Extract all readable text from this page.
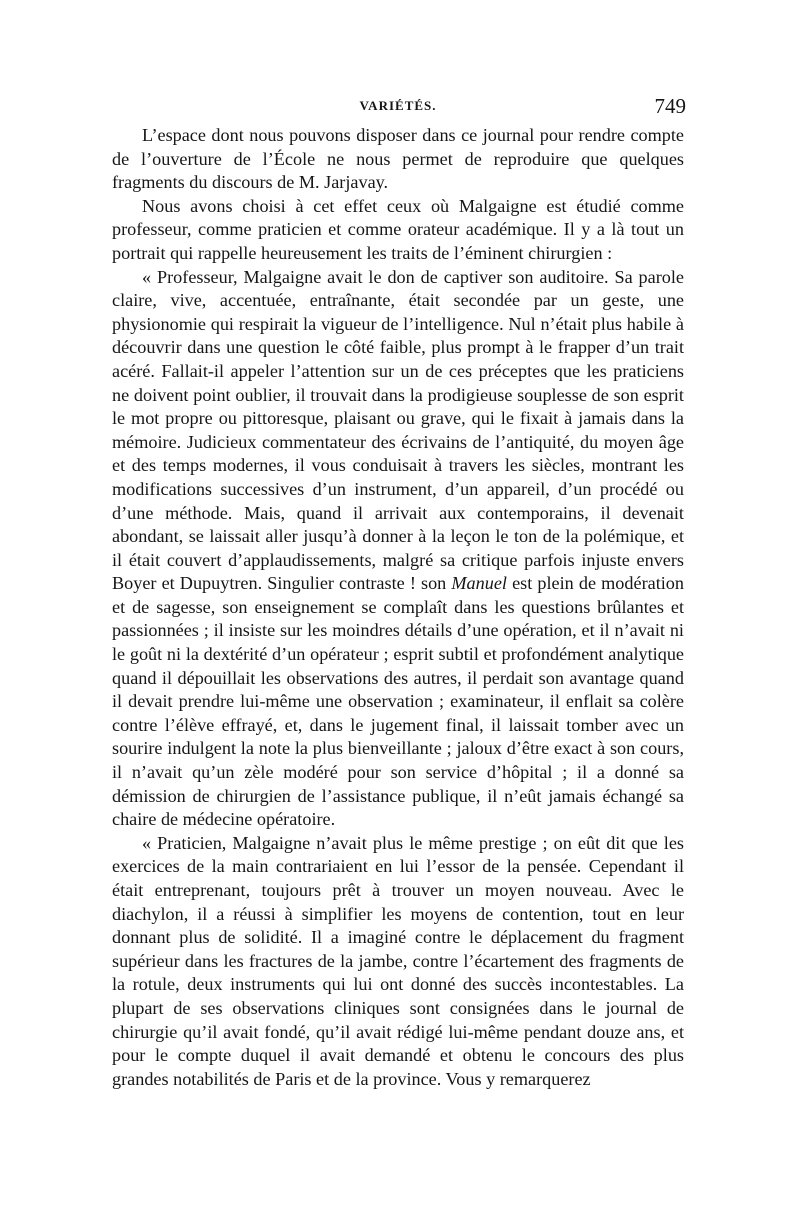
VARIÉTÉS.	749

L’espace dont nous pouvons disposer dans ce journal pour rendre compte de l’ouverture de l’École ne nous permet de reproduire que quelques fragments du discours de M. Jarjavay.

Nous avons choisi à cet effet ceux où Malgaigne est étudié comme professeur, comme praticien et comme orateur académique. Il y a là tout un portrait qui rappelle heureusement les traits de l’éminent chirurgien :

« Professeur, Malgaigne avait le don de captiver son auditoire. Sa parole claire, vive, accentuée, entraînante, était secondée par un geste, une physionomie qui respirait la vigueur de l’intelligence. Nul n’était plus habile à découvrir dans une question le côté faible, plus prompt à le frapper d’un trait acéré. Fallait-il appeler l’attention sur un de ces préceptes que les praticiens ne doivent point oublier, il trouvait dans la prodigieuse souplesse de son esprit le mot propre ou pittoresque, plaisant ou grave, qui le fixait à jamais dans la mémoire. Judicieux commentateur des écrivains de l’antiquité, du moyen âge et des temps modernes, il vous conduisait à travers les siècles, montrant les modifications successives d’un instrument, d’un appareil, d’un procédé ou d’une méthode. Mais, quand il arrivait aux contemporains, il devenait abondant, se laissait aller jusqu’à donner à la leçon le ton de la polémique, et il était couvert d’applaudissements, malgré sa critique parfois injuste envers Boyer et Dupuytren. Singulier contraste ! son Manuel est plein de modération et de sagesse, son enseignement se complaît dans les questions brûlantes et passionnées ; il insiste sur les moindres détails d’une opération, et il n’avait ni le goût ni la dextérité d’un opérateur ; esprit subtil et profondément analytique quand il dépouillait les observations des autres, il perdait son avantage quand il devait prendre lui-même une observation ; examinateur, il enflait sa colère contre l’élève effrayé, et, dans le jugement final, il laissait tomber avec un sourire indulgent la note la plus bienveillante ; jaloux d’être exact à son cours, il n’avait qu’un zèle modéré pour son service d’hôpital ; il a donné sa démission de chirurgien de l’assistance publique, il n’eût jamais échangé sa chaire de médecine opératoire.

« Praticien, Malgaigne n’avait plus le même prestige ; on eût dit que les exercices de la main contrariaient en lui l’essor de la pensée. Cependant il était entreprenant, toujours prêt à trouver un moyen nouveau. Avec le diachylon, il a réussi à simplifier les moyens de contention, tout en leur donnant plus de solidité. Il a imaginé contre le déplacement du fragment supérieur dans les fractures de la jambe, contre l’écartement des fragments de la rotule, deux instruments qui lui ont donné des succès incontestables. La plupart de ses observations cliniques sont consignées dans le journal de chirurgie qu’il avait fondé, qu’il avait rédigé lui-même pendant douze ans, et pour le compte duquel il avait demandé et obtenu le concours des plus grandes notabilités de Paris et de la province. Vous y remarquerez
